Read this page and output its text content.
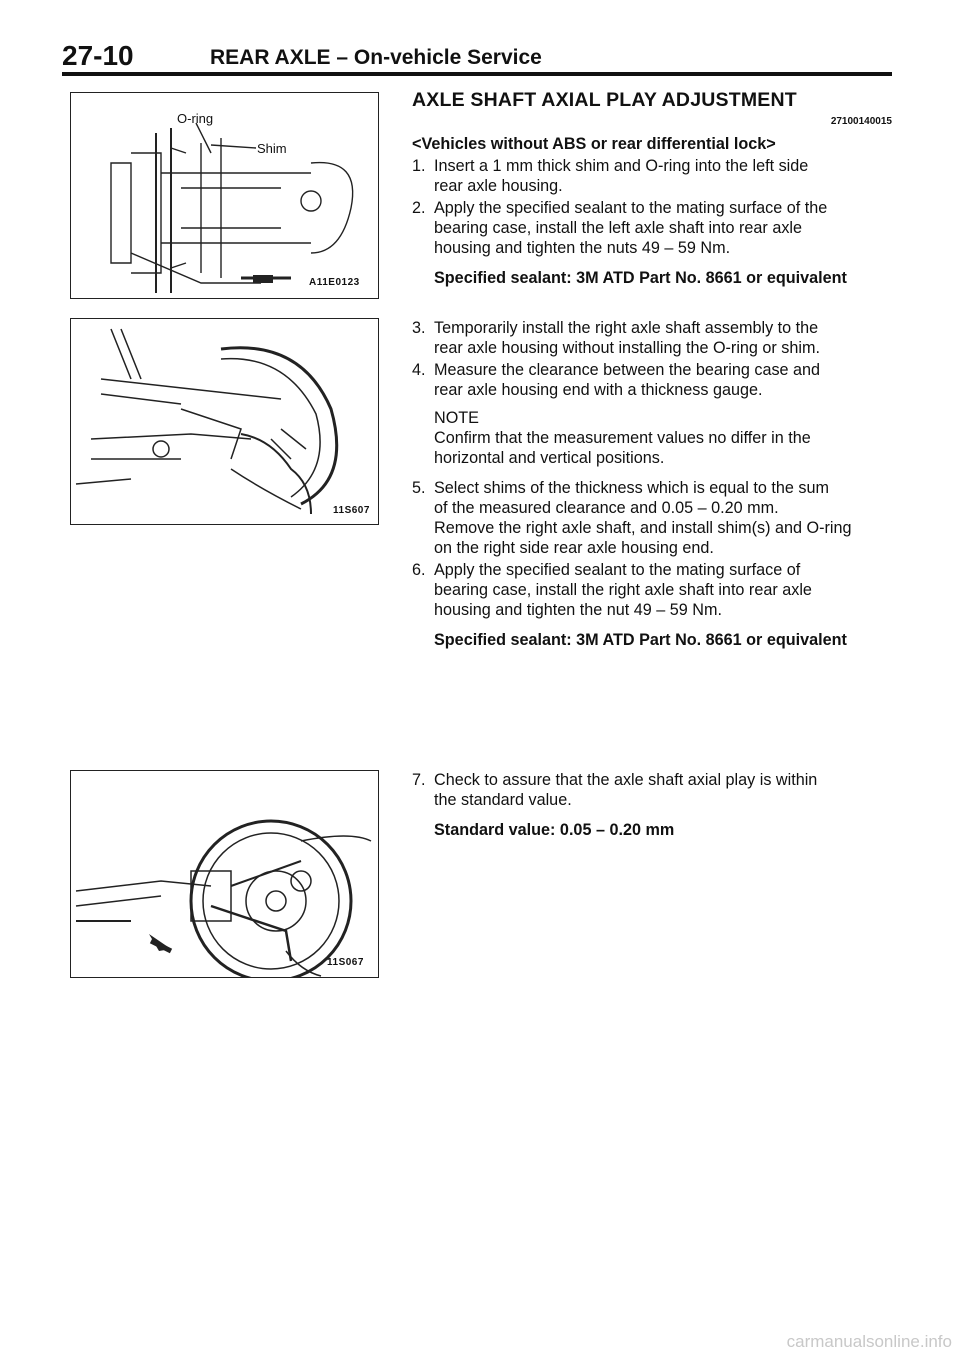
27-10	REAR AXLE – On-vehicle Service
O-ring
Shim
A11E0123
11S607
11S067
AXLE SHAFT AXIAL PLAY ADJUSTMENT
27100140015
<Vehicles without ABS or rear differential lock>
1. Insert a 1 mm thick shim and O-ring into the left side
rear axle housing.
2. Apply the specified sealant to the mating surface of the
bearing case, install the left axle shaft into rear axle
housing and tighten the nuts 49 – 59 Nm.
Specified sealant: 3M ATD Part No. 8661 or equivalent
3. Temporarily install the right axle shaft assembly to the
rear axle housing without installing the O-ring or shim.
4. Measure the clearance between the bearing case and
rear axle housing end with a thickness gauge.
NOTE
Confirm that the measurement values no differ in the
horizontal and vertical positions.
5. Select shims of the thickness which is equal to the sum
of the measured clearance and 0.05 – 0.20 mm.
Remove the right axle shaft, and install shim(s) and O-ring
on the right side rear axle housing end.
6. Apply the specified sealant to the mating surface of
bearing case, install the right axle shaft into rear axle
housing and tighten the nut 49 – 59 Nm.
Specified sealant: 3M ATD Part No. 8661 or equivalent
7. Check to assure that the axle shaft axial play is within
the standard value.
Standard value: 0.05 – 0.20 mm
carmanualsonline.info
